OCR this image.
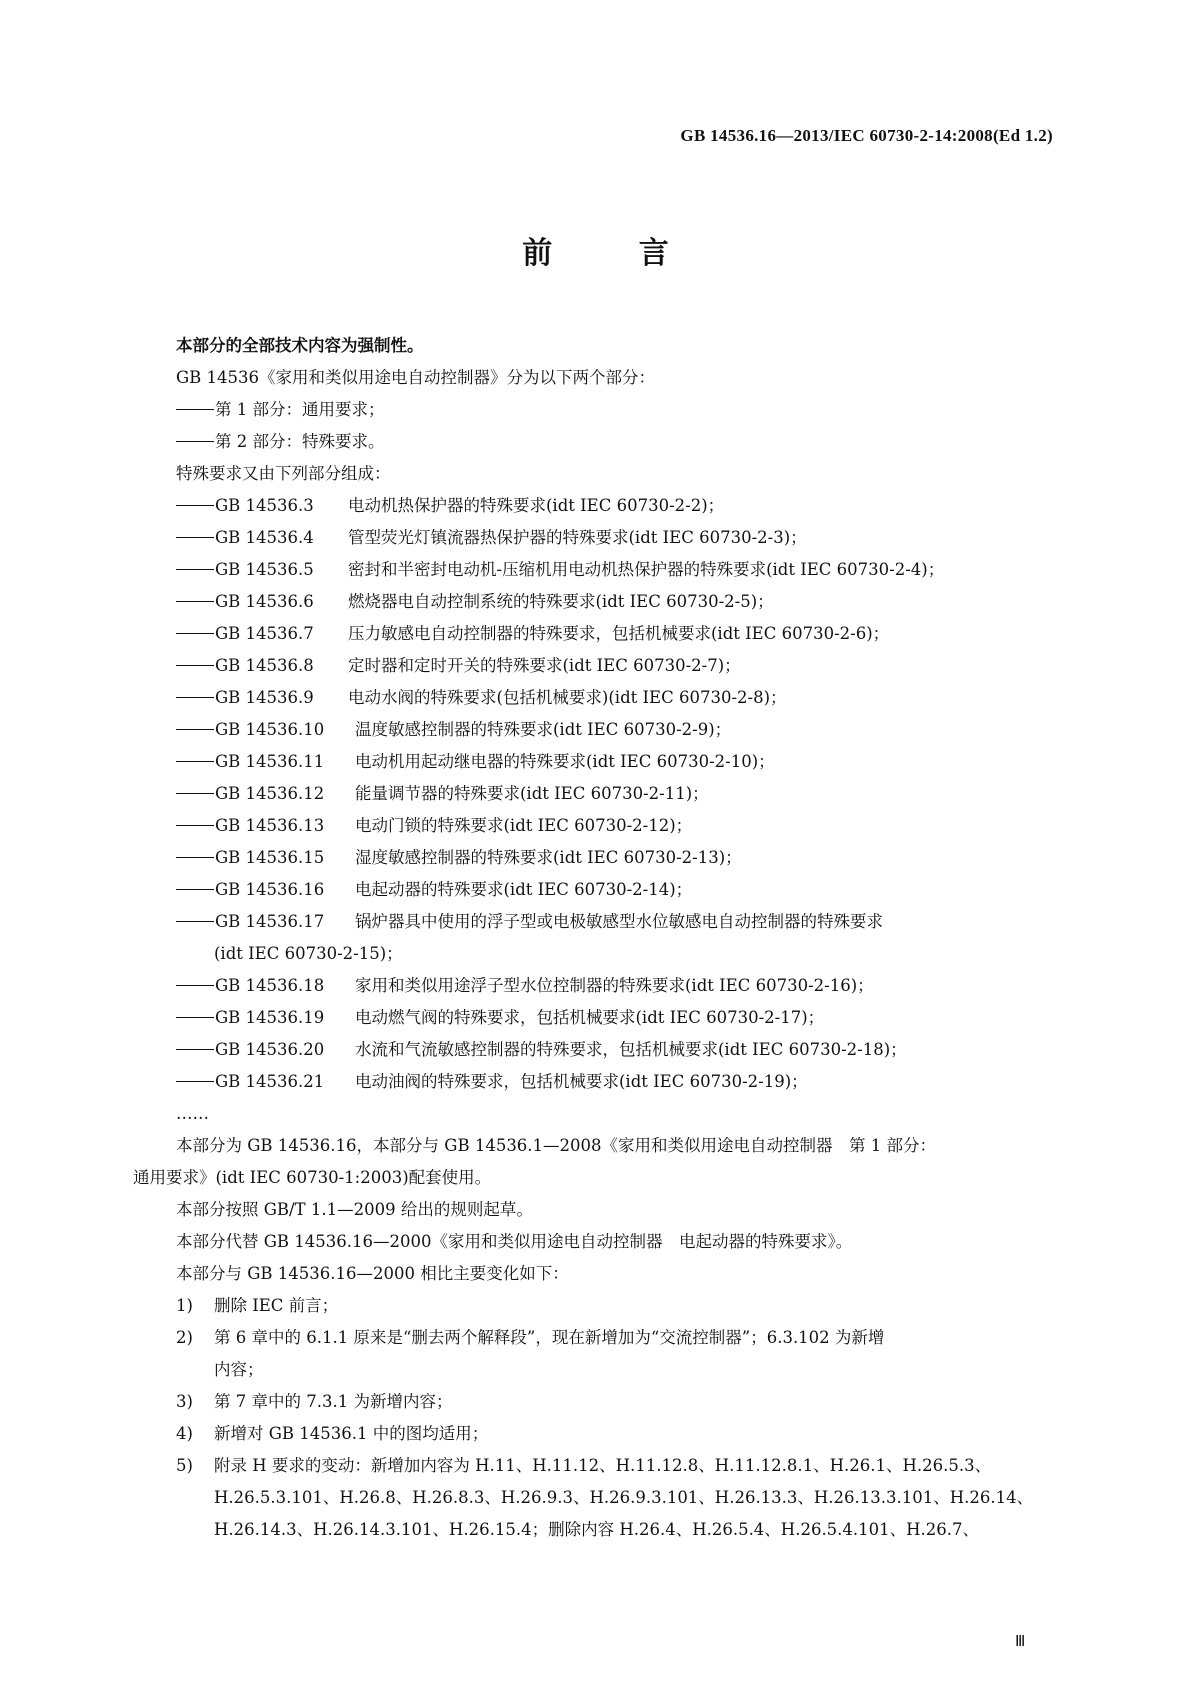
GB 14536.16—2013/IEC 60730-2-14:2008(Ed 1.2)
前 言
本部分的全部技术内容为强制性。
GB 14536《家用和类似用途电自动控制器》分为以下两个部分：
第 1 部分：通用要求；
第 2 部分：特殊要求。
特殊要求又由下列部分组成：
GB 14536.3 电动机热保护器的特殊要求(idt IEC 60730-2-2)；
GB 14536.4 管型荧光灯镇流器热保护器的特殊要求(idt IEC 60730-2-3)；
GB 14536.5 密封和半密封电动机-压缩机用电动机热保护器的特殊要求(idt IEC 60730-2-4)；
GB 14536.6 燃烧器电自动控制系统的特殊要求(idt IEC 60730-2-5)；
GB 14536.7 压力敏感电自动控制器的特殊要求，包括机械要求(idt IEC 60730-2-6)；
GB 14536.8 定时器和定时开关的特殊要求(idt IEC 60730-2-7)；
GB 14536.9 电动水阀的特殊要求(包括机械要求)(idt IEC 60730-2-8)；
GB 14536.10 温度敏感控制器的特殊要求(idt IEC 60730-2-9)；
GB 14536.11 电动机用起动继电器的特殊要求(idt IEC 60730-2-10)；
GB 14536.12 能量调节器的特殊要求(idt IEC 60730-2-11)；
GB 14536.13 电动门锁的特殊要求(idt IEC 60730-2-12)；
GB 14536.15 湿度敏感控制器的特殊要求(idt IEC 60730-2-13)；
GB 14536.16 电起动器的特殊要求(idt IEC 60730-2-14)；
GB 14536.17 锅炉器具中使用的浮子型或电极敏感型水位敏感电自动控制器的特殊要求
(idt IEC 60730-2-15)；
GB 14536.18 家用和类似用途浮子型水位控制器的特殊要求(idt IEC 60730-2-16)；
GB 14536.19 电动燃气阀的特殊要求，包括机械要求(idt IEC 60730-2-17)；
GB 14536.20 水流和气流敏感控制器的特殊要求，包括机械要求(idt IEC 60730-2-18)；
GB 14536.21 电动油阀的特殊要求，包括机械要求(idt IEC 60730-2-19)；
……
本部分为 GB 14536.16，本部分与 GB 14536.1—2008《家用和类似用途电自动控制器　第 1 部分：
通用要求》(idt IEC 60730-1:2003)配套使用。
本部分按照 GB/T 1.1—2009 给出的规则起草。
本部分代替 GB 14536.16—2000《家用和类似用途电自动控制器　电起动器的特殊要求》。
本部分与 GB 14536.16—2000 相比主要变化如下：
1) 删除 IEC 前言；
2) 第 6 章中的 6.1.1 原来是“删去两个解释段”，现在新增加为“交流控制器”；6.3.102 为新增
内容；
3) 第 7 章中的 7.3.1 为新增内容；
4) 新增对 GB 14536.1 中的图均适用；
5) 附录 H 要求的变动：新增加内容为 H.11、H.11.12、H.11.12.8、H.11.12.8.1、H.26.1、H.26.5.3、
H.26.5.3.101、H.26.8、H.26.8.3、H.26.9.3、H.26.9.3.101、H.26.13.3、H.26.13.3.101、H.26.14、
H.26.14.3、H.26.14.3.101、H.26.15.4；删除内容 H.26.4、H.26.5.4、H.26.5.4.101、H.26.7、
Ⅲ
